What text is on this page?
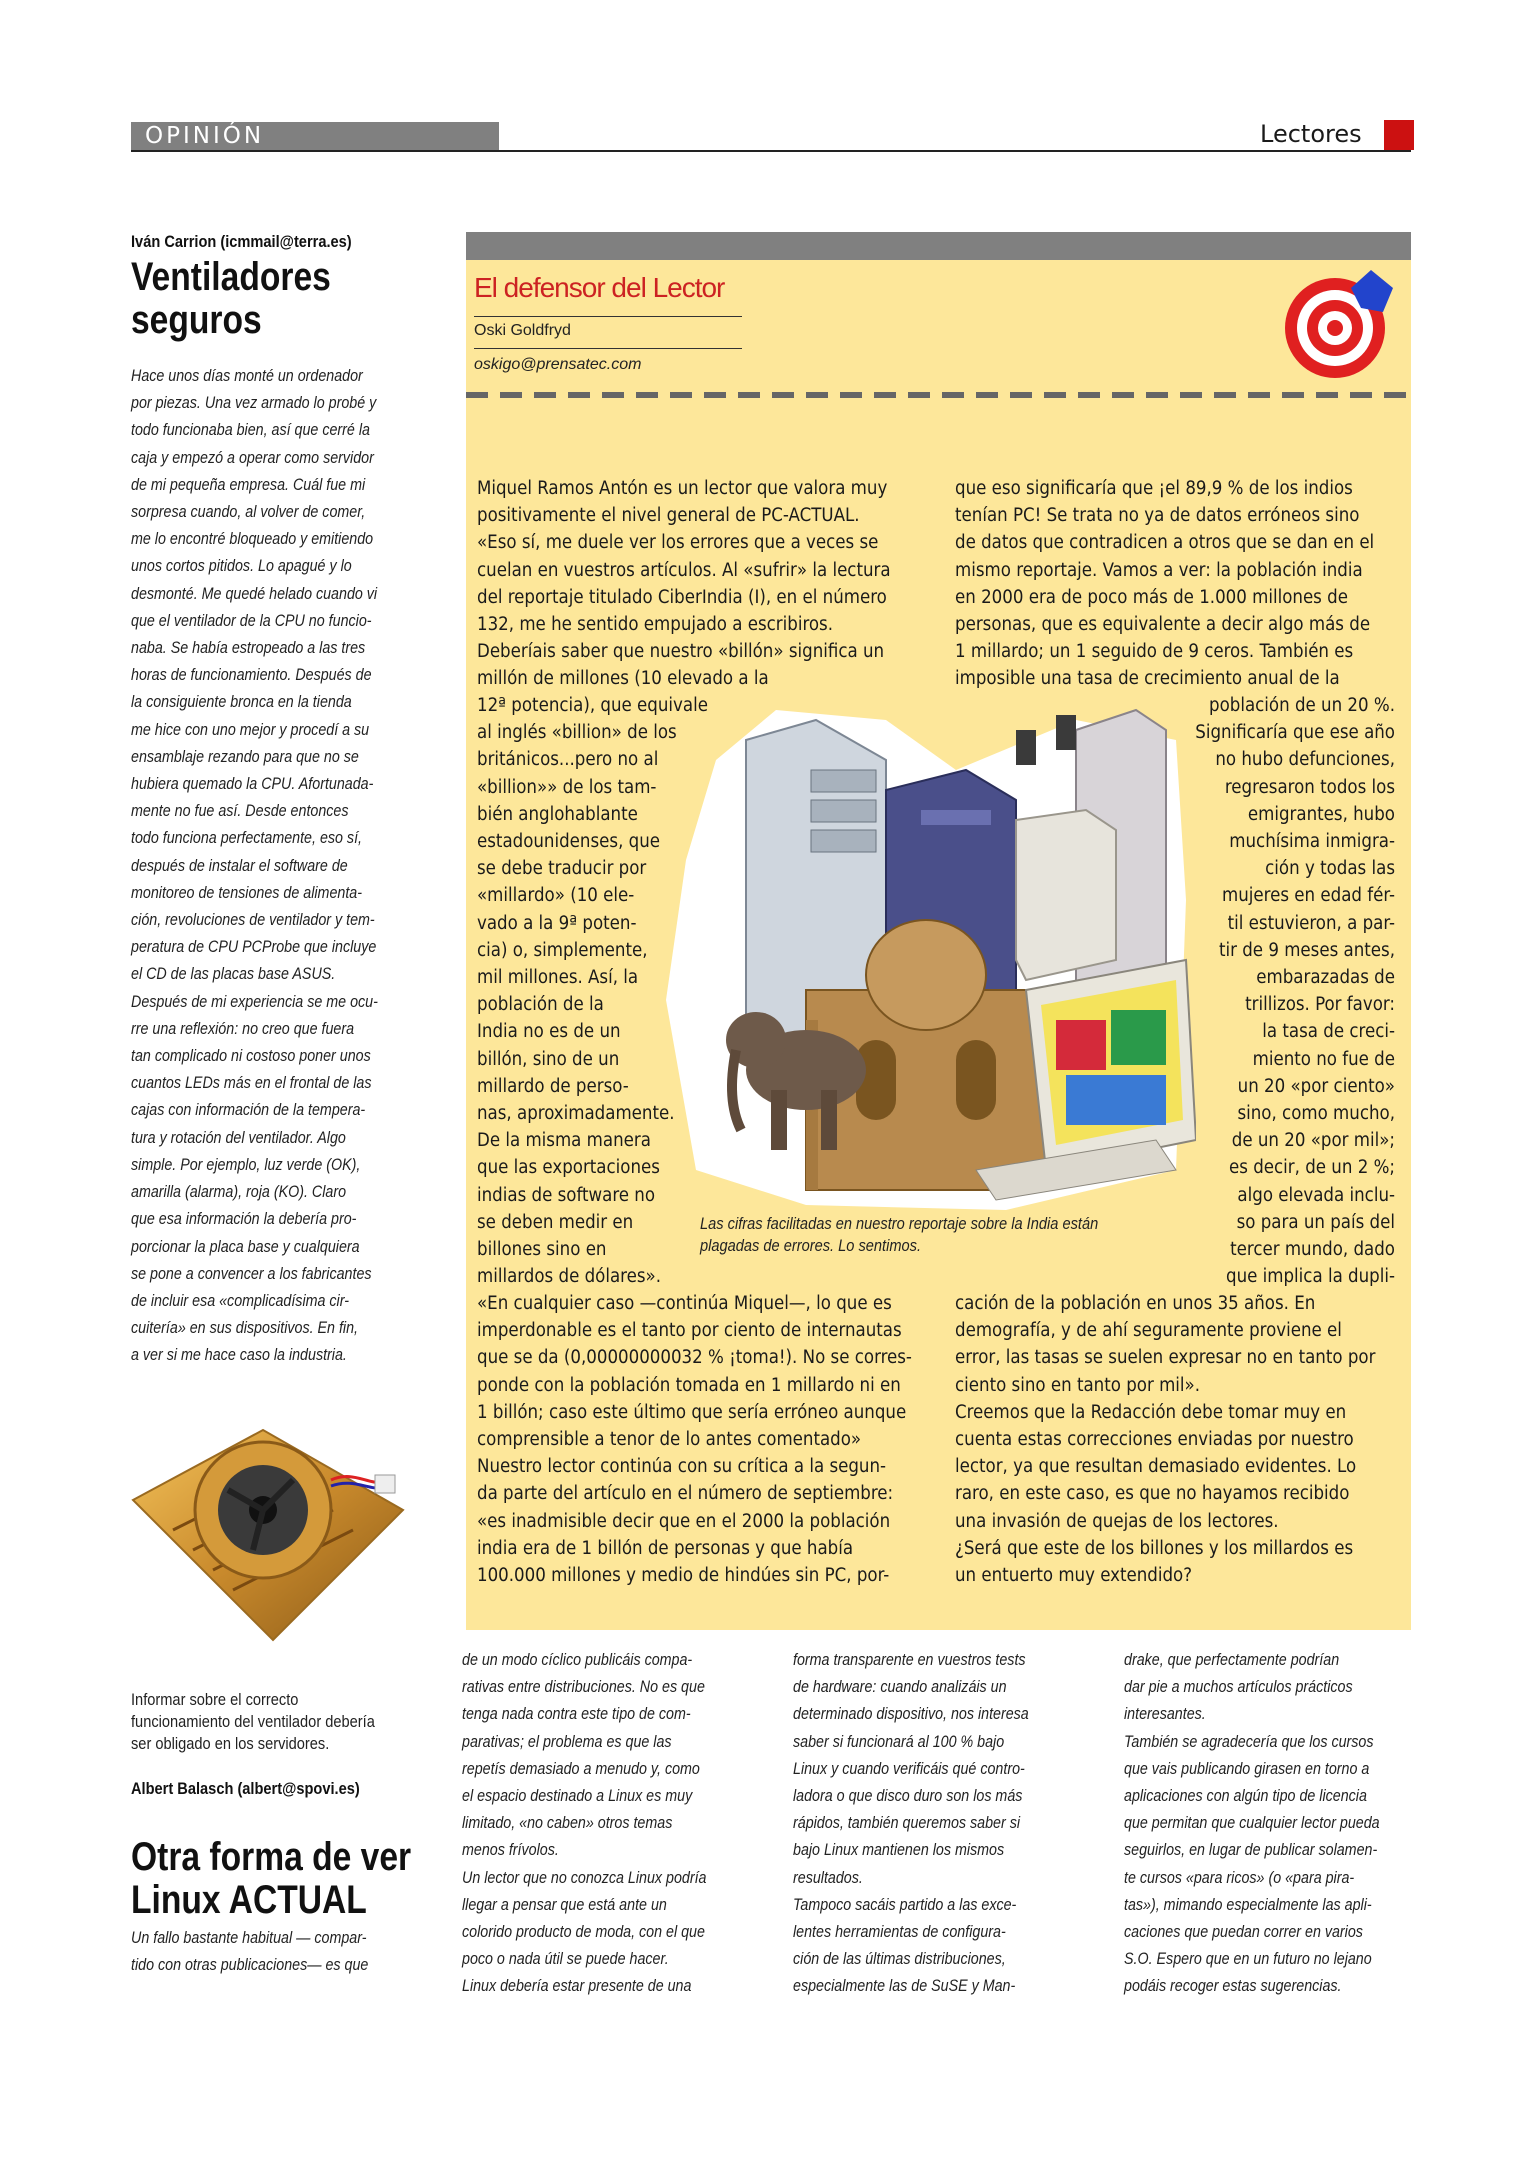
OPINIÓN	Lectores
Iván Carrion (icmmail@terra.es)
Ventiladores
seguros

Hace unos días monté un ordenador

por piezas. Una vez armado lo probé y

todo funcionaba bien, así que cerré la

caja y empezó a operar como servidor

de mi pequeña empresa. Cuál fue mi

sorpresa cuando, al volver de comer,

me lo encontré bloqueado y emitiendo

unos cortos pitidos. Lo apagué y lo

desmonté. Me quedé helado cuando vi

que el ventilador de la CPU no funcio-

naba. Se había estropeado a las tres

horas de funcionamiento. Después de

la consiguiente bronca en la tienda

me hice con uno mejor y procedí a su

ensamblaje rezando para que no se

hubiera quemado la CPU. Afortunada-

mente no fue así. Desde entonces

todo funciona perfectamente, eso sí,

después de instalar el software de

monitoreo de tensiones de alimenta-

ción, revoluciones de ventilador y tem-

peratura de CPU PCProbe que incluye

el CD de las placas base ASUS.

Después de mi experiencia se me ocu-

rre una reflexión: no creo que fuera

tan complicado ni costoso poner unos

cuantos LEDs más en el frontal de las

cajas con información de la tempera-

tura y rotación del ventilador. Algo

simple. Por ejemplo, luz verde (OK),

amarilla (alarma), roja (KO). Claro

que esa información la debería pro-

porcionar la placa base y cualquiera

se pone a convencer a los fabricantes

de incluir esa «complicadísima cir-

cuitería» en sus dispositivos. En fin,

a ver si me hace caso la industria.

Informar sobre el correcto

funcionamiento del ventilador debería

ser obligado en los servidores.

Albert Balasch (albert@spovi.es)
Otra forma de ver
Linux ACTUAL

Un fallo bastante habitual — compar-

tido con otras publicaciones— es que

El defensor del Lector
Oski Goldfryd
oskigo@prensatec.com

Miquel Ramos Antón es un lector que valora muy

positivamente el nivel general de PC-ACTUAL.

«Eso sí, me duele ver los errores que a veces se

cuelan en vuestros artículos. Al «sufrir» la lectura

del reportaje titulado CiberIndia (I), en el número

132, me he sentido empujado a escribiros.

Deberíais saber que nuestro «billón» significa un

millón de millones (10 elevado a la

12ª potencia), que equivale

al inglés «billion» de los

británicos...pero no al

«billion»» de los tam-

bién anglohablante

estadounidenses, que

se debe traducir por

«millardo» (10 ele-

vado a la 9ª poten-

cia) o, simplemente,

mil millones. Así, la

población de la

India no es de un

billón, sino de un

millardo de perso-

nas, aproximadamente.

De la misma manera

que las exportaciones

indias de software no

se deben medir en

billones sino en

millardos de dólares».

«En cualquier caso —continúa Miquel—, lo que es

imperdonable es el tanto por ciento de internautas

que se da (0,00000000032 % ¡toma!). No se corres-

ponde con la población tomada en 1 millardo ni en

1 billón; caso este último que sería erróneo aunque

comprensible a tenor de lo antes comentado»

Nuestro lector continúa con su crítica a la segun-

da parte del artículo en el número de septiembre:

«es inadmisible decir que en el 2000 la población

india era de 1 billón de personas y que había

100.000 millones y medio de hindúes sin PC, por-

que eso significaría que ¡el 89,9 % de los indios

tenían PC! Se trata no ya de datos erróneos sino

de datos que contradicen a otros que se dan en el

mismo reportaje. Vamos a ver: la población india

en 2000 era de poco más de 1.000 millones de

personas, que es equivalente a decir algo más de

1 millardo; un 1 seguido de 9 ceros. También es

imposible una tasa de crecimiento anual de la

población de un 20 %.

Significaría que ese año

no hubo defunciones,

regresaron todos los

emigrantes, hubo

muchísima inmigra-

ción y todas las

mujeres en edad fér-

til estuvieron, a par-

tir de 9 meses antes,

embarazadas de

trillizos. Por favor:

la tasa de creci-

miento no fue de

un 20 «por ciento»

sino, como mucho,

de un 20 «por mil»;

es decir, de un 2 %;

algo elevada inclu-

so para un país del

tercer mundo, dado

que implica la dupli-

cación de la población en unos 35 años. En

demografía, y de ahí seguramente proviene el

error, las tasas se suelen expresar no en tanto por

ciento sino en tanto por mil».

Creemos que la Redacción debe tomar muy en

cuenta estas correcciones enviadas por nuestro

lector, ya que resultan demasiado evidentes. Lo

raro, en este caso, es que no hayamos recibido

una invasión de quejas de los lectores.

¿Será que este de los billones y los millardos es

un entuerto muy extendido?

Las cifras facilitadas en nuestro reportaje sobre la India están

plagadas de errores. Lo sentimos.

de un modo cíclico publicáis compa-

rativas entre distribuciones. No es que

tenga nada contra este tipo de com-

parativas; el problema es que las

repetís demasiado a menudo y, como

el espacio destinado a Linux es muy

limitado, «no caben» otros temas

menos frívolos.

Un lector que no conozca Linux podría

llegar a pensar que está ante un

colorido producto de moda, con el que

poco o nada útil se puede hacer.

Linux debería estar presente de una

forma transparente en vuestros tests

de hardware: cuando analizáis un

determinado dispositivo, nos interesa

saber si funcionará al 100 % bajo

Linux y cuando verificáis qué contro-

ladora o que disco duro son los más

rápidos, también queremos saber si

bajo Linux mantienen los mismos

resultados.

Tampoco sacáis partido a las exce-

lentes herramientas de configura-

ción de las últimas distribuciones,

especialmente las de SuSE y Man-

drake, que perfectamente podrían

dar pie a muchos artículos prácticos

interesantes.

También se agradecería que los cursos

que vais publicando girasen en torno a

aplicaciones con algún tipo de licencia

que permitan que cualquier lector pueda

seguirlos, en lugar de publicar solamen-

te cursos «para ricos» (o «para pira-

tas»), mimando especialmente las apli-

caciones que puedan correr en varios

S.O. Espero que en un futuro no lejano

podáis recoger estas sugerencias.
